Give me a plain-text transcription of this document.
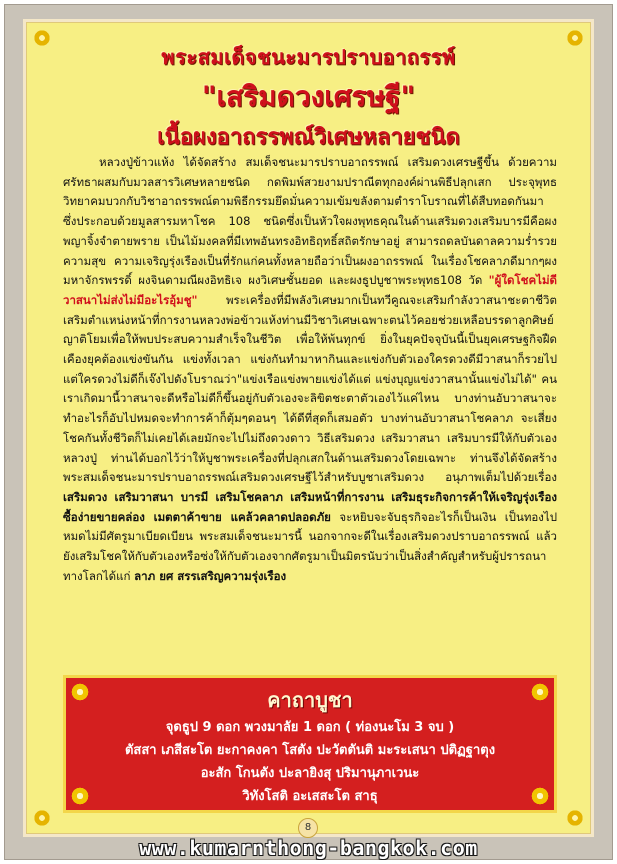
พระสมเด็จชนะมารปราบอาถรรพ์
"เสริมดวงเศรษฐี"
เนื้อผงอาถรรพณ์วิเศษหลายชนิด

หลวงปู่ข้าวแห้ง ได้จัดสร้าง สมเด็จชนะมารปราบอาถรรพณ์ เสริมดวงเศรษฐีขึ้น ด้วยความศรัทธาผสมกับมวลสารวิเศษหลายชนิด กดพิมพ์สวยงามปราณีตทุกองค์ผ่านพิธีปลุกเสก ประจุพุทธวิทยาคมบวกกับวิชาอาถรรพณ์ตามพิธีกรรมยึดมั่นความเข้มขลังตามตำราโบราณที่ได้สืบทอดกันมาซึ่งประกอบด้วยมูลสารมหาโชค 108 ชนิดซึ่งเป็นหัวใจผงพุทธคุณในด้านเสริมดวงเสริมบารมีคือผงพญาจิ้งจำตายพราย เป็นไม้มงคลที่มีเทพอันทรงอิทธิฤทธิ์สถิตรักษาอยู่ สามารถดลบันดาลความร่ำรวยความสุข ความเจริญรุ่งเรืองเป็นที่รักแก่คนทั้งหลายถือว่าเป็นผงอาถรรพณ์ ในเรื่องโชคลาภดีมากๆผงมหาจักรพรรดิ์ ผงจินดามณีผงอิทธิเจ ผงวิเศษชั้นยอด และผงธูปบูชาพระพุทธ108 วัด "ผู้ใดโชคไม่ดี วาสนาไม่ส่งไม่มีอะไรอุ้มชู" พระเครื่องที่มีพลังวิเศษมากเป็นทวีคูณจะเสริมกำลังวาสนาชะตาชีวิต เสริมตำแหน่งหน้าที่การงานหลวงพ่อข้าวแห้งท่านมีวิชาวิเศษเฉพาะตนไว้คอยช่วยเหลือบรรดาลูกศิษย์ญาติโยมเพื่อให้พบประสบความสำเร็จในชีวิต เพื่อให้พ้นทุกข์ ยิ่งในยุคปัจจุบันนี้เป็นยุคเศรษฐกิจฝืดเคืองยุคต้องแข่งขันกัน แข่งทั้งเวลา แข่งกันทำมาหากินและแข่งกับตัวเองใครดวงดีมีวาสนาก็รวยไปแต่ใครดวงไม่ดีก็เจ๊งไปดังโบราณว่า"แข่งเรือแข่งพายแข่งได้แต่ แข่งบุญแข่งวาสนานั้นแข่งไม่ได้" คนเราเกิดมานี้วาสนาจะดีหรือไม่ดีก็ขึ้นอยู่กับตัวเองจะลิขิตชะตาตัวเองไว้แค่ไหน บางท่านอับวาสนาจะทำอะไรก็อับไปหมดจะทำการค้าก็ตุ้มๆดอนๆ ได้ดีที่สุดก็เสมอตัว บางท่านอับวาสนาโชคลาภ จะเสี่ยงโชคกันทั้งชีวิตก็ไม่เคยได้เลยมักจะไปไม่ถึงดวงดาว วิธีเสริมดวง เสริมวาสนา เสริมบารมีให้กับตัวเอง หลวงปู่ ท่านได้บอกไว้ว่าให้บูชาพระเครื่องที่ปลุกเสกในด้านเสริมดวงโดยเฉพาะ ท่านจึงได้จัดสร้าง พระสมเด็จชนะมารปราบอาถรรพณ์เสริมดวงเศรษฐีไว้สำหรับบูชาเสริมดวง อนุภาพเต็มไปด้วยเรื่อง เสริมดวง เสริมวาสนา บารมี เสริมโชคลาภ เสริมหน้าที่การงาน เสริมธุระกิจการค้าให้เจริญรุ่งเรือง ซื้อง่ายขายคล่อง เมตตาค้าขาย แคล้วคลาดปลอดภัย จะหยิบจะจับธุรกิจอะไรก็เป็นเงิน เป็นทองไปหมดไม่มีศัตรูมาเบียดเบียน พระสมเด็จชนะมารนี้ นอกจากจะดีในเรื่องเสริมดวงปราบอาถรรพณ์ แล้วยังเสริมโชคให้กับตัวเองหรือซ่งให้กับตัวเองจากศัตรูมาเป็นมิตรนับว่าเป็นสิ่งสำคัญสำหรับผู้ปรารถนาทางโลกได้แก่ ลาภ ยศ สรรเสริญความรุ่งเรือง

คาถาบูชา
จุดธูป 9 ดอก พวงมาลัย 1 ดอก ( ท่องนะโม 3 จบ )
ตัสสา เภสีสะโต ยะกาคงคา โสตัง ปะวัตตันติ มะระเสนา ปติฏฐาตุง
อะสัก โกนตัง ปะลายิงสุ ปริมานุภาเวนะ
วิทังโสติ อะเสสะโต สาธุ
8
www.kumarnthong-bangkok.com
